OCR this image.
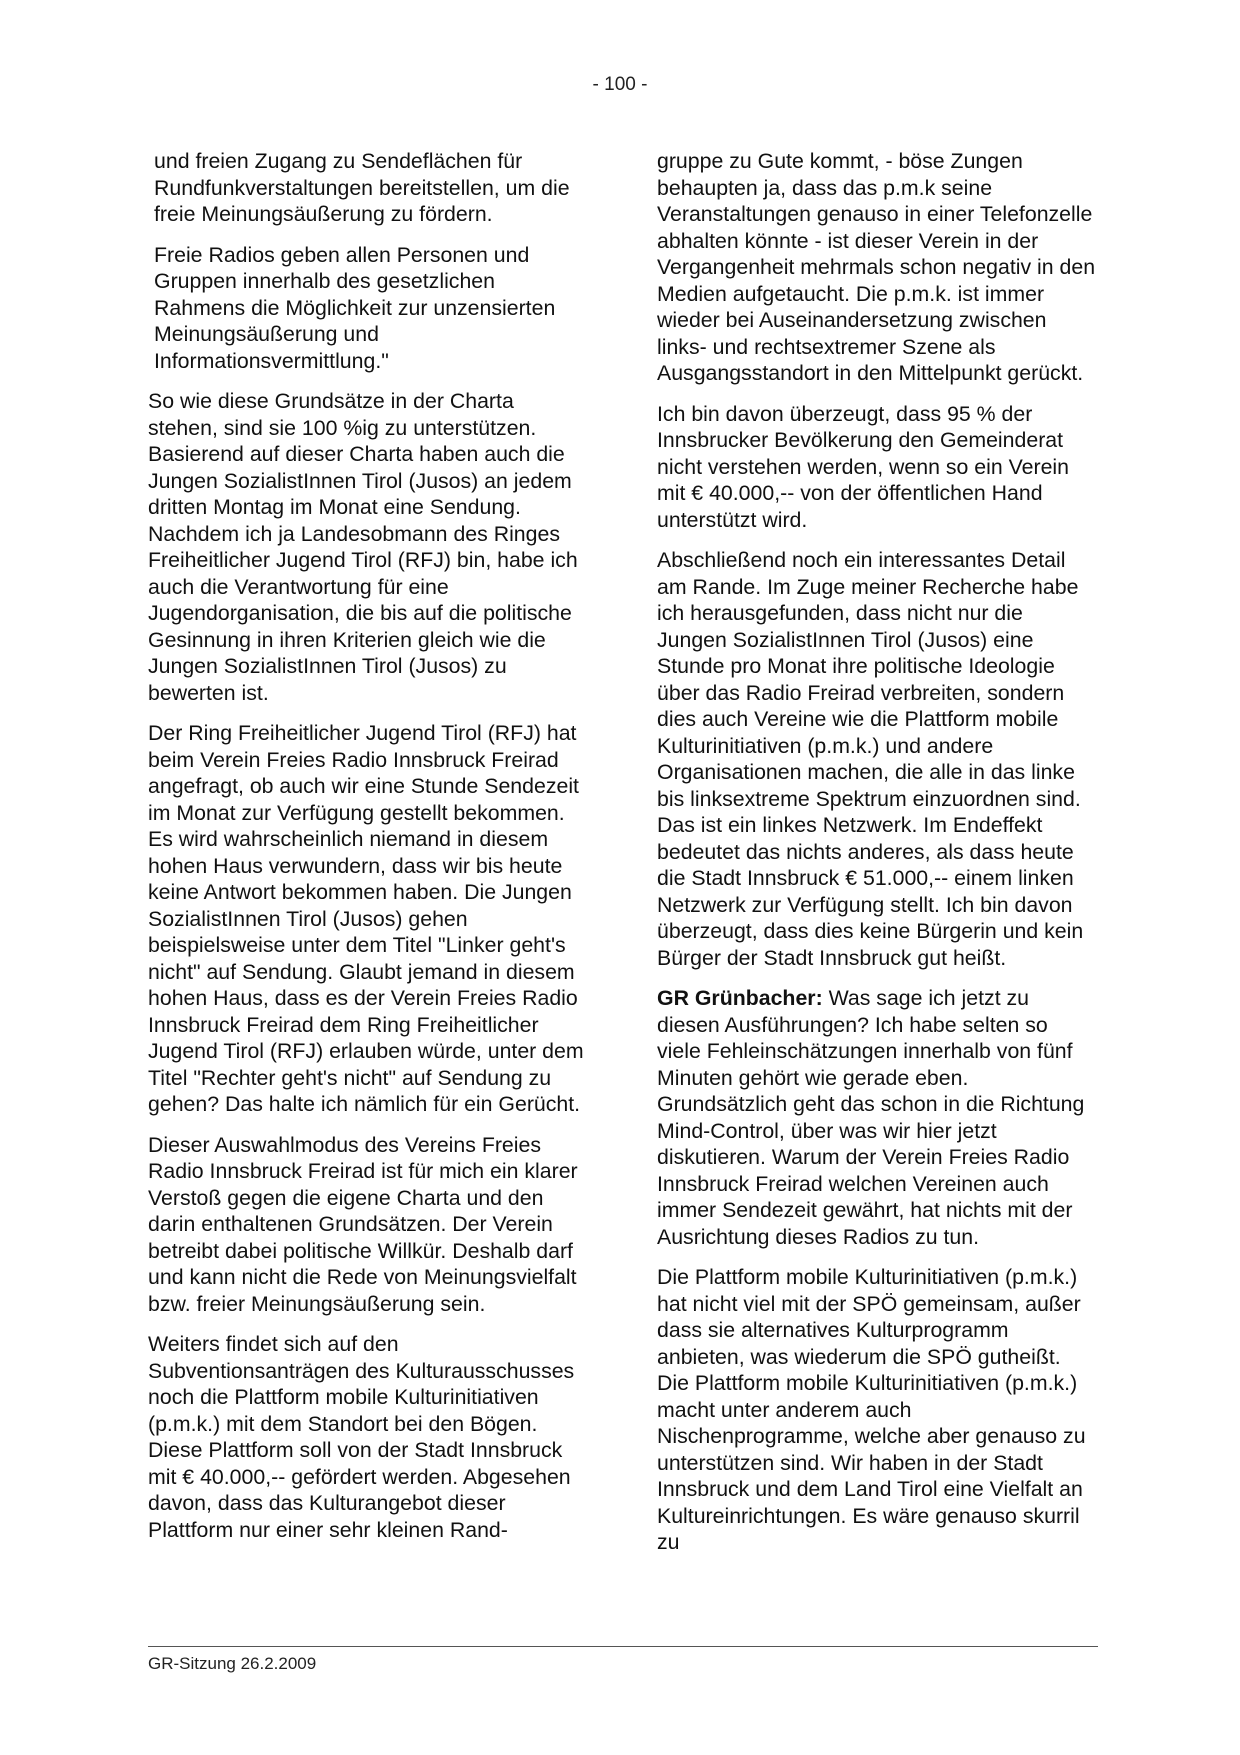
- 100 -

und freien Zugang zu Sendeflächen für Rundfunkverstaltungen bereitstellen, um die freie Meinungsäußerung zu fördern.

Freie Radios geben allen Personen und Gruppen innerhalb des gesetzlichen Rahmens die Möglichkeit zur unzensierten Meinungsäußerung und Informationsvermittlung."

So wie diese Grundsätze in der Charta stehen, sind sie 100 %ig zu unterstützen. Basierend auf dieser Charta haben auch die Jungen SozialistInnen Tirol (Jusos) an jedem dritten Montag im Monat eine Sendung. Nachdem ich ja Landesobmann des Ringes Freiheitlicher Jugend Tirol (RFJ) bin, habe ich auch die Verantwortung für eine Jugendorganisation, die bis auf die politische Gesinnung in ihren Kriterien gleich wie die Jungen SozialistInnen Tirol (Jusos) zu bewerten ist.

Der Ring Freiheitlicher Jugend Tirol (RFJ) hat beim Verein Freies Radio Innsbruck Freirad angefragt, ob auch wir eine Stunde Sendezeit im Monat zur Verfügung gestellt bekommen. Es wird wahrscheinlich niemand in diesem hohen Haus verwundern, dass wir bis heute keine Antwort bekommen haben. Die Jungen SozialistInnen Tirol (Jusos) gehen beispielsweise unter dem Titel "Linker geht's nicht" auf Sendung. Glaubt jemand in diesem hohen Haus, dass es der Verein Freies Radio Innsbruck Freirad dem Ring Freiheitlicher Jugend Tirol (RFJ) erlauben würde, unter dem Titel "Rechter geht's nicht" auf Sendung zu gehen? Das halte ich nämlich für ein Gerücht.

Dieser Auswahlmodus des Vereins Freies Radio Innsbruck Freirad ist für mich ein klarer Verstoß gegen die eigene Charta und den darin enthaltenen Grundsätzen. Der Verein betreibt dabei politische Willkür. Deshalb darf und kann nicht die Rede von Meinungsvielfalt bzw. freier Meinungsäußerung sein.

Weiters findet sich auf den Subventionsanträgen des Kulturausschusses noch die Plattform mobile Kulturinitiativen (p.m.k.) mit dem Standort bei den Bögen. Diese Plattform soll von der Stadt Innsbruck mit € 40.000,-- gefördert werden. Abgesehen davon, dass das Kulturangebot dieser Plattform nur einer sehr kleinen Rand-

gruppe zu Gute kommt, - böse Zungen behaupten ja, dass das p.m.k seine Veranstaltungen genauso in einer Telefonzelle abhalten könnte - ist dieser Verein in der Vergangenheit mehrmals schon negativ in den Medien aufgetaucht. Die p.m.k. ist immer wieder bei Auseinandersetzung zwischen links- und rechtsextremer Szene als Ausgangsstandort in den Mittelpunkt gerückt.

Ich bin davon überzeugt, dass 95 % der Innsbrucker Bevölkerung den Gemeinderat nicht verstehen werden, wenn so ein Verein mit € 40.000,-- von der öffentlichen Hand unterstützt wird.

Abschließend noch ein interessantes Detail am Rande. Im Zuge meiner Recherche habe ich herausgefunden, dass nicht nur die Jungen SozialistInnen Tirol (Jusos) eine Stunde pro Monat ihre politische Ideologie über das Radio Freirad verbreiten, sondern dies auch Vereine wie die Plattform mobile Kulturinitiativen (p.m.k.) und andere Organisationen machen, die alle in das linke bis linksextreme Spektrum einzuordnen sind. Das ist ein linkes Netzwerk. Im Endeffekt bedeutet das nichts anderes, als dass heute die Stadt Innsbruck € 51.000,-- einem linken Netzwerk zur Verfügung stellt. Ich bin davon überzeugt, dass dies keine Bürgerin und kein Bürger der Stadt Innsbruck gut heißt.

GR Grünbacher: Was sage ich jetzt zu diesen Ausführungen? Ich habe selten so viele Fehleinschätzungen innerhalb von fünf Minuten gehört wie gerade eben. Grundsätzlich geht das schon in die Richtung Mind-Control, über was wir hier jetzt diskutieren. Warum der Verein Freies Radio Innsbruck Freirad welchen Vereinen auch immer Sendezeit gewährt, hat nichts mit der Ausrichtung dieses Radios zu tun.

Die Plattform mobile Kulturinitiativen (p.m.k.) hat nicht viel mit der SPÖ gemeinsam, außer dass sie alternatives Kulturprogramm anbieten, was wiederum die SPÖ gutheißt. Die Plattform mobile Kulturinitiativen (p.m.k.) macht unter anderem auch Nischenprogramme, welche aber genauso zu unterstützen sind. Wir haben in der Stadt Innsbruck und dem Land Tirol eine Vielfalt an Kultureinrichtungen. Es wäre genauso skurril zu

GR-Sitzung 26.2.2009
